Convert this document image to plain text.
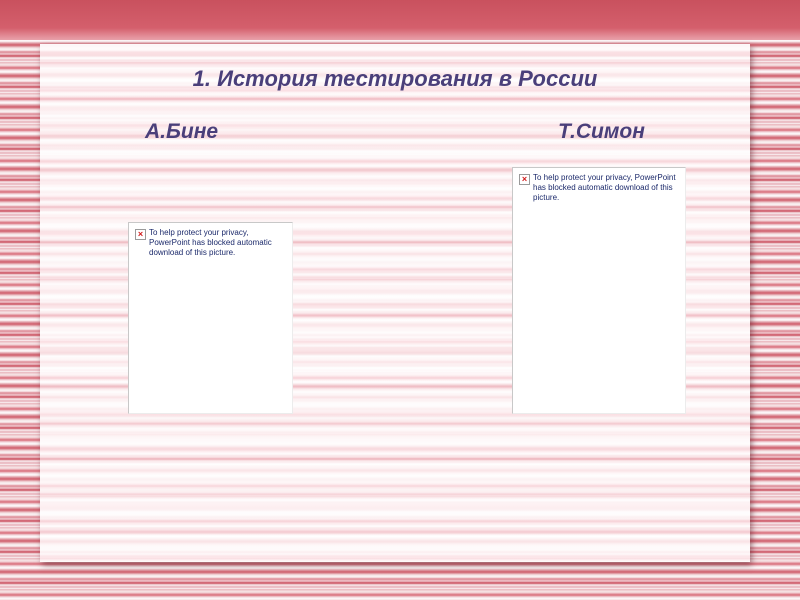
1. История тестирования в России

А.Бине	Т.Симон

× To help protect your privacy, PowerPoint has blocked automatic download of this picture.

× To help protect your privacy, PowerPoint has blocked automatic download of this picture.
